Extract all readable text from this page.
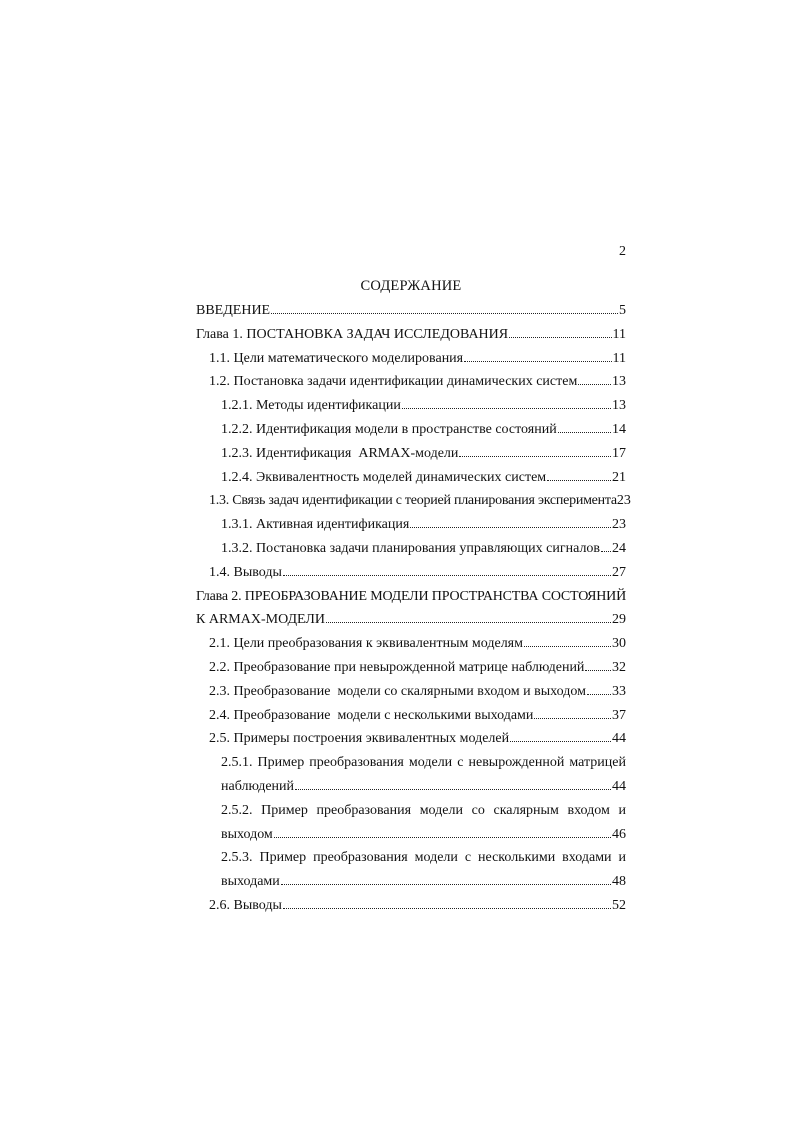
2
СОДЕРЖАНИЕ
ВВЕДЕНИЕ	5
Глава 1. ПОСТАНОВКА ЗАДАЧ ИССЛЕДОВАНИЯ	11
1.1. Цели математического моделирования	11
1.2. Постановка задачи идентификации динамических систем 13
1.2.1. Методы идентификации	13
1.2.2. Идентификация модели в пространстве состояний	14
1.2.3. Идентификация  ARMAX-модели	17
1.2.4. Эквивалентность моделей динамических систем	21
1.3. Связь задач идентификации с теорией планирования эксперимента 23
1.3.1. Активная идентификация	23
1.3.2. Постановка задачи планирования управляющих сигналов 24
1.4. Выводы	27
Глава 2. ПРЕОБРАЗОВАНИЕ МОДЕЛИ ПРОСТРАНСТВА СОСТОЯНИЙ
К ARMAX-МОДЕЛИ	29
2.1. Цели преобразования к эквивалентным моделям	30
2.2. Преобразование при невырожденной матрице наблюдений 32
2.3. Преобразование  модели со скалярными входом и выходом 33
2.4. Преобразование  модели с несколькими выходами	37
2.5. Примеры построения эквивалентных моделей	44
2.5.1. Пример преобразования модели с невырожденной матрицей
наблюдений	44
2.5.2. Пример преобразования модели со скалярным входом и
выходом	46
2.5.3. Пример преобразования модели с несколькими входами и
выходами	48
2.6. Выводы	52
